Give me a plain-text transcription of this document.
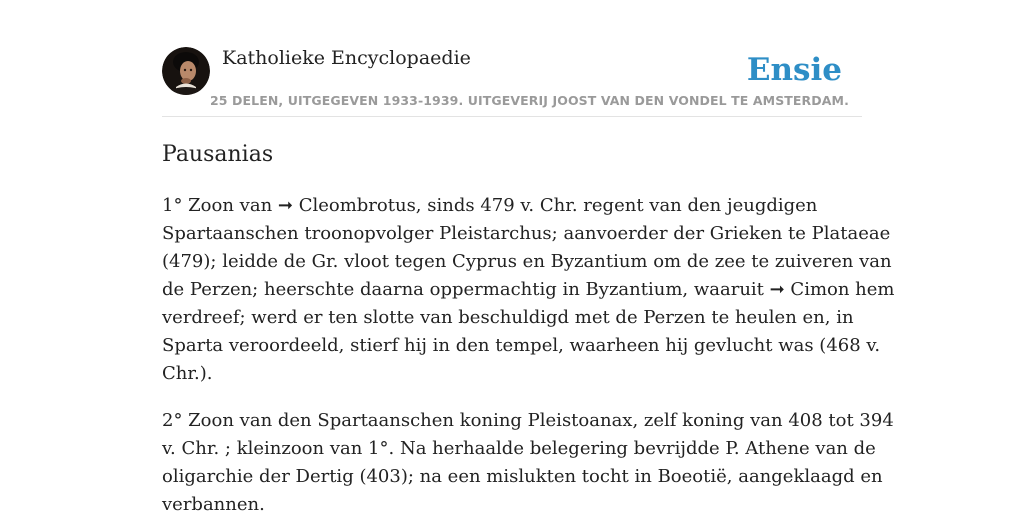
Katholieke Encyclopaedie
25 DELEN, UITGEGEVEN 1933-1939. UITGEVERIJ JOOST VAN DEN VONDEL TE AMSTERDAM.
Ensie
Pausanias

1° Zoon van ➞ Cleombrotus, sinds 479 v. Chr. regent van den jeugdigen
Spartaanschen troonopvolger Pleistarchus; aanvoerder der Grieken te Plataeae
(479); leidde de Gr. vloot tegen Cyprus en Byzantium om de zee te zuiveren van
de Perzen; heerschte daarna oppermachtig in Byzantium, waaruit ➞ Cimon hem
verdreef; werd er ten slotte van beschuldigd met de Perzen te heulen en, in
Sparta veroordeeld, stierf hij in den tempel, waarheen hij gevlucht was (468 v.
Chr.).

2° Zoon van den Spartaanschen koning Pleistoanax, zelf koning van 408 tot 394
v. Chr. ; kleinzoon van 1°. Na herhaalde belegering bevrijdde P. Athene van de
oligarchie der Dertig (403); na een mislukten tocht in Boeotië, aangeklaagd en
verbannen.
